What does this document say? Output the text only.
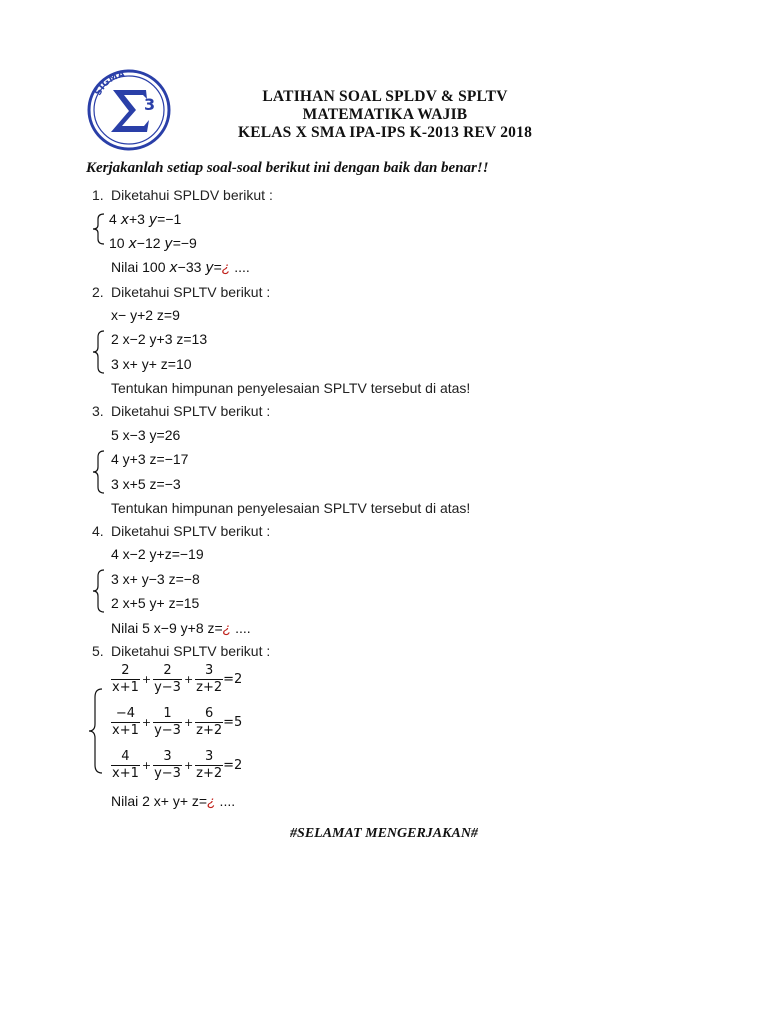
3
SIGMA
LATIHAN SOAL SPLDV & SPLTV
MATEMATIKA WAJIB
KELAS X SMA IPA-IPS K-2013 REV 2018
Kerjakanlah setiap soal-soal berikut ini dengan baik dan benar!!
1. Diketahui SPLDV berikut :
4 x+3 y=−1
10 x−12 y=−9
Nilai 100 x−33 y=¿ ....
2. Diketahui SPLTV berikut :
x− y+2 z=9
2 x−2 y+3 z=13
3 x+ y+ z=10
Tentukan himpunan penyelesaian SPLTV tersebut di atas!
3. Diketahui SPLTV berikut :
5 x−3 y=26
4 y+3 z=−17
3 x+5 z=−3
Tentukan himpunan penyelesaian SPLTV tersebut di atas!
4. Diketahui SPLTV berikut :
4 x−2 y+z=−19
3 x+ y−3 z=−8
2 x+5 y+ z=15
Nilai 5 x−9 y+8 z=¿ ....
5. Diketahui SPLTV berikut :
$\frac{2}{x+1} + \frac{2}{y-3} + \frac{3}{z+2} =2$
$\frac{-4}{x+1} + \frac{1}{y-3} + \frac{6}{z+2} =5$
$\frac{4}{x+1} + \frac{3}{y-3} + \frac{3}{z+2} =2$
Nilai 2 x+ y+ z=¿ ....
#SELAMAT MENGERJAKAN#
